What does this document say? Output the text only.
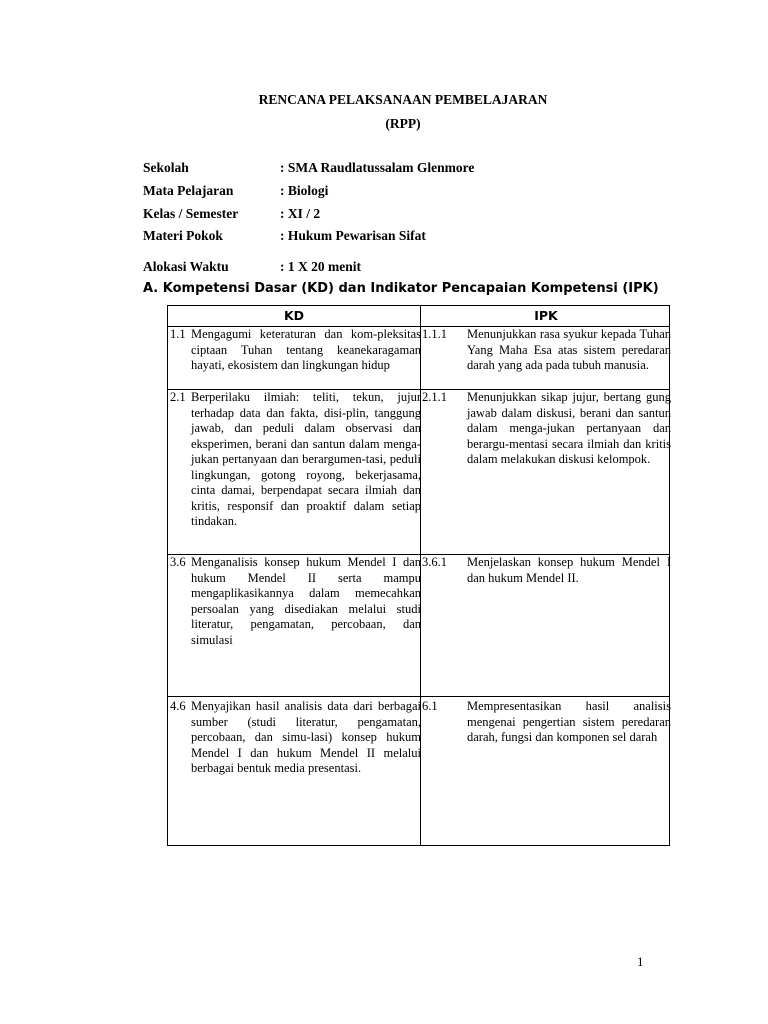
RENCANA PELAKSANAAN PEMBELAJARAN
(RPP)
Sekolah	: SMA Raudlatussalam Glenmore
Mata Pelajaran	: Biologi
Kelas / Semester	: XI / 2
Materi Pokok	: Hukum Pewarisan Sifat
Alokasi Waktu	: 1 X 20 menit
A. Kompetensi Dasar (KD) dan Indikator Pencapaian Kompetensi (IPK)
KD	IPK
1.1 Mengagumi keteraturan dan kom-pleksitas ciptaan Tuhan tentang keanekaragaman hayati, ekosistem dan lingkungan hidup
1.1.1 Menunjukkan rasa syukur kepada Tuhan Yang Maha Esa atas sistem peredaran darah yang ada pada tubuh manusia.
2.1 Berperilaku ilmiah: teliti, tekun, jujur terhadap data dan fakta, disi-plin, tanggung jawab, dan peduli dalam observasi dan eksperimen, berani dan santun dalam menga-jukan pertanyaan dan berargumen-tasi, peduli lingkungan, gotong royong, bekerjasama, cinta damai, berpendapat secara ilmiah dan kritis, responsif dan proaktif dalam setiap tindakan.
2.1.1 Menunjukkan sikap jujur, bertang gung jawab dalam diskusi, berani dan santun dalam menga-jukan pertanyaan dan berargu-mentasi secara ilmiah dan kritis dalam melakukan diskusi kelompok.
3.6 Menganalisis konsep hukum Mendel I dan hukum Mendel II serta mampu mengaplikasikannya dalam memecahkan persoalan yang disediakan melalui studi literatur, pengamatan, percobaan, dan simulasi
3.6.1 Menjelaskan konsep hukum Mendel I dan hukum Mendel II.
4.6 Menyajikan hasil analisis data dari berbagai sumber (studi literatur, pengamatan, percobaan, dan simu-lasi) konsep hukum Mendel I dan hukum Mendel II melalui berbagai bentuk media presentasi.
6.1 Mempresentasikan hasil analisis mengenai pengertian sistem peredaran darah, fungsi dan komponen sel darah
1
